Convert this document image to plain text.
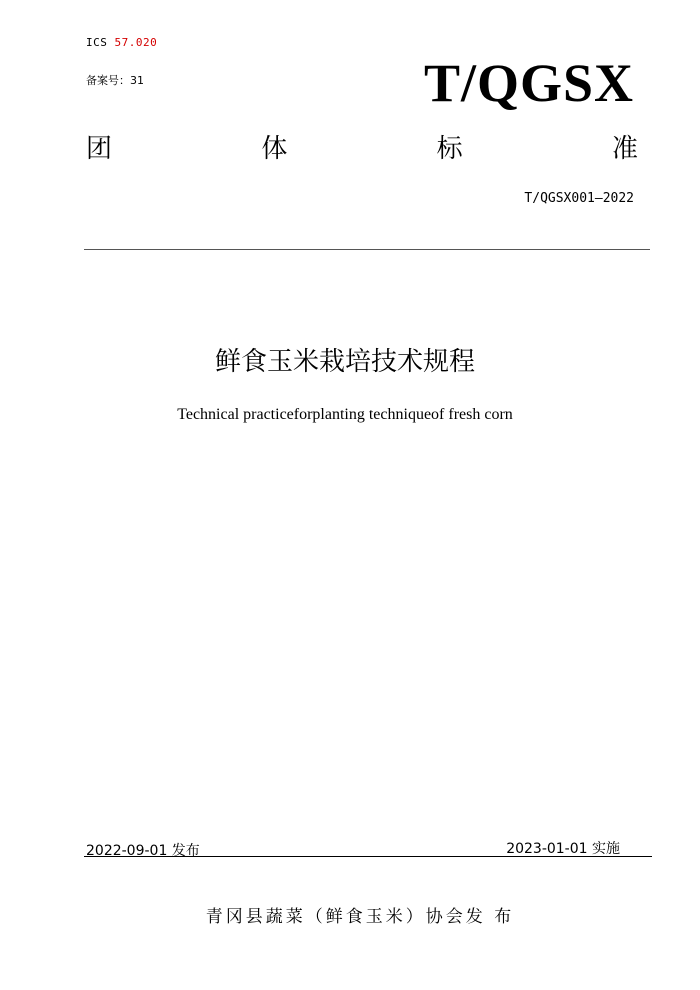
ICS 57.020
备案号：31	T/QGSX
团	体	标	准
T/QGSX001—2022
鲜食玉米栽培技术规程
Technical practiceforplanting techniqueof fresh corn
2022-09-01 发布	2023-01-01 实施
青冈县蔬菜（鲜食玉米）协会发 布
